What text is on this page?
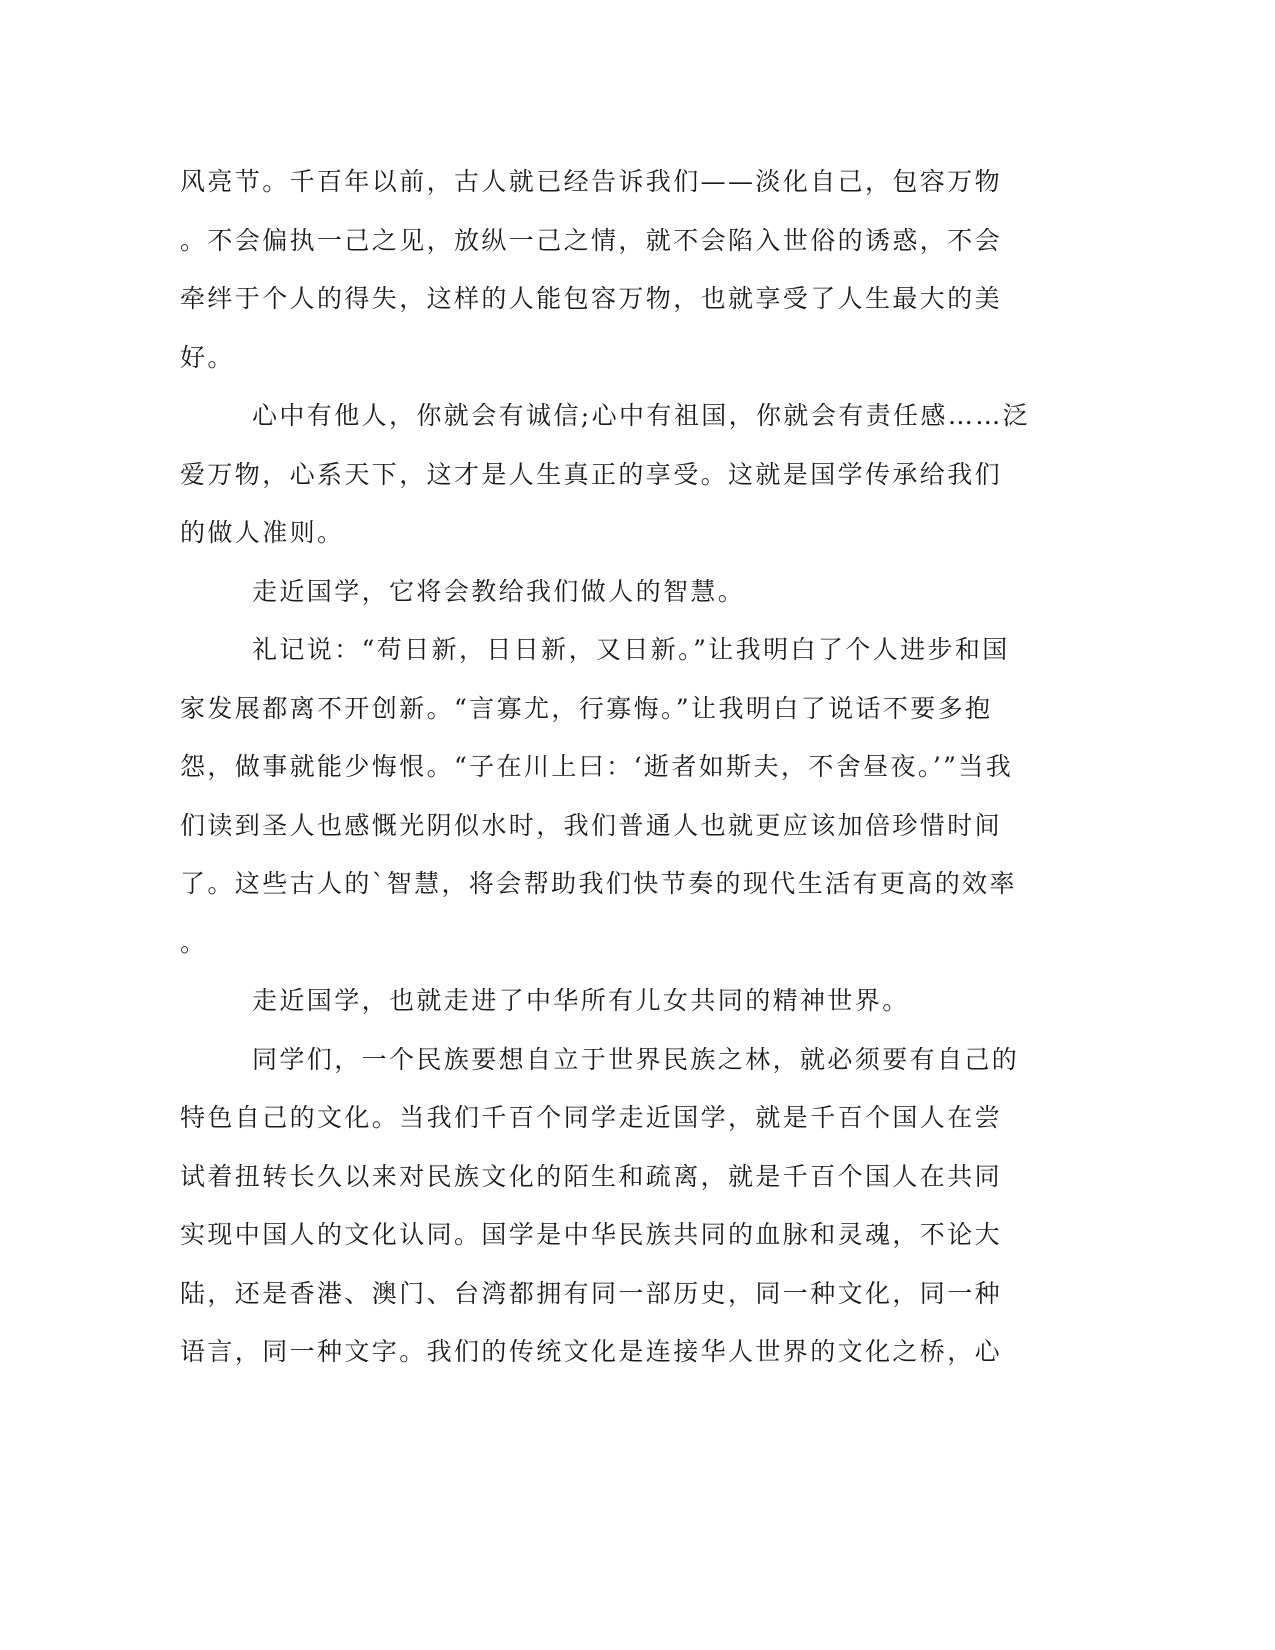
风亮节。千百年以前，古人就已经告诉我们——淡化自己，包容万物
。不会偏执一己之见，放纵一己之情，就不会陷入世俗的诱惑，不会
牵绊于个人的得失，这样的人能包容万物，也就享受了人生最大的美
好。
心中有他人，你就会有诚信;心中有祖国，你就会有责任感……泛
爱万物，心系天下，这才是人生真正的享受。这就是国学传承给我们
的做人准则。
走近国学，它将会教给我们做人的智慧。
礼记说：“苟日新，日日新，又日新。”让我明白了个人进步和国
家发展都离不开创新。“言寡尤，行寡悔。”让我明白了说话不要多抱
怨，做事就能少悔恨。“子在川上曰：‘逝者如斯夫，不舍昼夜。’”当我
们读到圣人也感慨光阴似水时，我们普通人也就更应该加倍珍惜时间
了。这些古人的`智慧，将会帮助我们快节奏的现代生活有更高的效率
。
走近国学，也就走进了中华所有儿女共同的精神世界。
同学们，一个民族要想自立于世界民族之林，就必须要有自己的
特色自己的文化。当我们千百个同学走近国学，就是千百个国人在尝
试着扭转长久以来对民族文化的陌生和疏离，就是千百个国人在共同
实现中国人的文化认同。国学是中华民族共同的血脉和灵魂，不论大
陆，还是香港、澳门、台湾都拥有同一部历史，同一种文化，同一种
语言，同一种文字。我们的传统文化是连接华人世界的文化之桥，心
